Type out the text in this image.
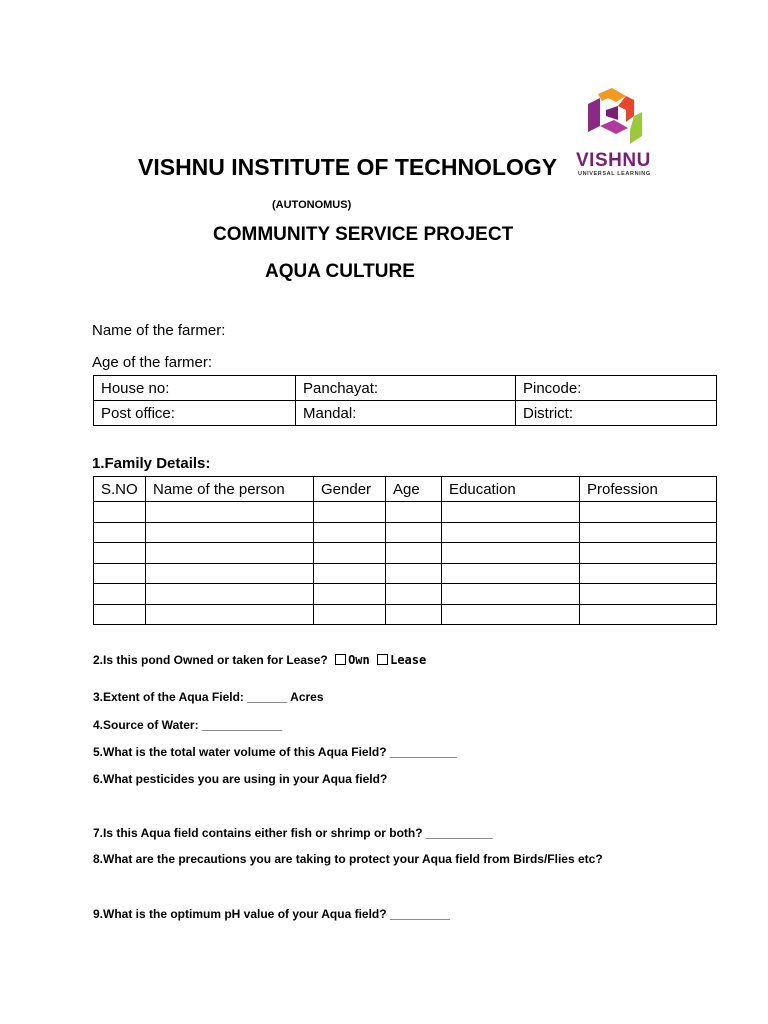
VISHNU
UNIVERSAL LEARNING
VISHNU INSTITUTE OF TECHNOLOGY
(AUTONOMUS)
COMMUNITY SERVICE PROJECT
AQUA CULTURE
Name of the farmer:
Age of the farmer:
House no:	Panchayat:	Pincode:
Post office:	Mandal:	District:
1.Family Details:
S.NO	Name of the person	Gender	Age	Education	Profession

2.Is this pond Owned or taken for Lease? Own Lease
3.Extent of the Aqua Field: ______ Acres
4.Source of Water: ____________
5.What is the total water volume of this Aqua Field? __________
6.What pesticides you are using in your Aqua field?
7.Is this Aqua field contains either fish or shrimp or both? __________
8.What are the precautions you are taking to protect your Aqua field from Birds/Flies etc?
9.What is the optimum pH value of your Aqua field? _________
